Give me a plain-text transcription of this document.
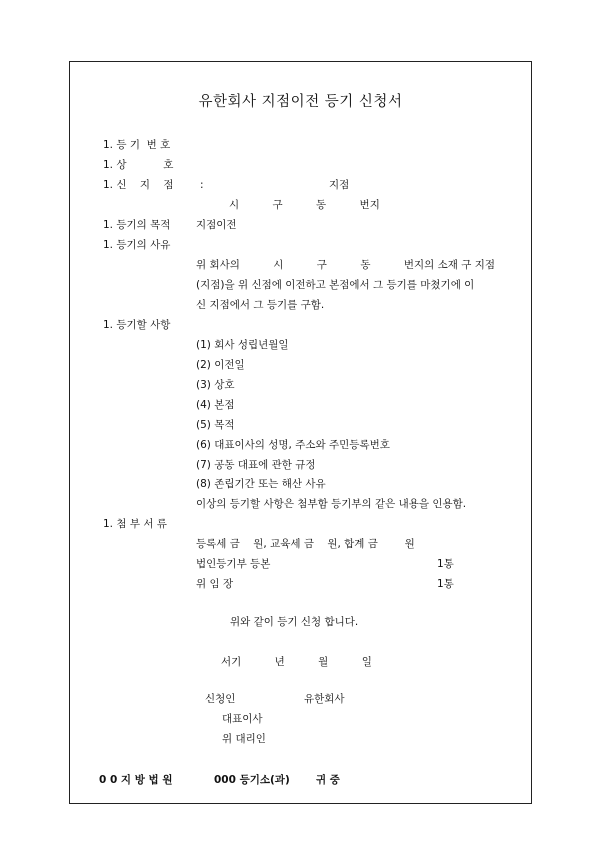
유한회사 지점이전 등기 신청서
1. 등 기  번 호
1. 상           호
1. 신    지    점	:	지점
시          구          동          번지
1. 등기의 목적 지점이전
1. 등기의 사유
위 회사의          시          구          동          번지의 소재 구 지점
(지점)을 위 신점에 이전하고 본점에서 그 등기를 마쳤기에 이
신 지점에서 그 등기를 구함.
1. 등기할 사항
(1) 회사 성립년월일
(2) 이전일
(3) 상호
(4) 본점
(5) 목적
(6) 대표이사의 성명, 주소와 주민등록번호
(7) 공동 대표에 관한 규정
(8) 존립기간 또는 해산 사유
이상의 등기할 사항은 첨부함 등기부의 같은 내용을 인용함.
1. 첨 부 서 류
등록세 금    원, 교육세 금    원, 합계 금        원
법인등기부 등본	1통
위 임 장	1통
위와 같이 등기 신청 합니다.
서기          년          월          일
신청인	유한회사
대표이사
위 대리인
0 0 지 방 법 원	000 등기소(과)	귀 중
